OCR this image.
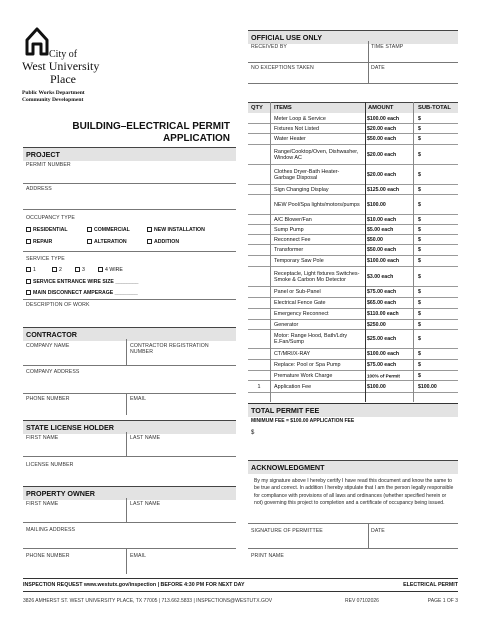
City of
West University
Place
Public Works Department
Community Development
BUILDING–ELECTRICAL PERMIT
APPLICATION
OFFICIAL USE ONLY
RECEIVED BY	TIME STAMP
NO EXCEPTIONS TAKEN	DATE
PROJECT
PERMIT NUMBER
ADDRESS
OCCUPANCY TYPE
RESIDENTIAL	COMMERCIAL	NEW INSTALLATION
REPAIR	ALTERATION	ADDITION
SERVICE TYPE
1	2	3	4 WIRE
SERVICE ENTRANCE WIRE SIZE ________
MAIN DISCONNECT AMPERAGE ________
DESCRIPTION OF WORK
CONTRACTOR
COMPANY NAME	CONTRACTOR REGISTRATION NUMBER
COMPANY ADDRESS
PHONE NUMBER	EMAIL
STATE LICENSE HOLDER
FIRST NAME	LAST NAME
LICENSE NUMBER
PROPERTY OWNER
FIRST NAME	LAST NAME
MAILING ADDRESS
PHONE NUMBER	EMAIL
QTY ITEMS	AMOUNT	SUB-TOTAL
Meter Loop & Service	$100.00 each	$
Fixtures Not Listed	$20.00 each	$
Water Heater	$50.00 each	$
Range/Cooktop/Oven, Dishwasher, Window AC	$20.00 each	$
Clothes Dryer-Bath Heater-Garbage Disposal	$20.00 each	$
Sign Changing Display	$125.00 each	$
NEW Pool/Spa lights/motors/pumps $100.00	$
A/C Blower/Fan	$10.00 each	$
Sump Pump	$5.00 each	$
Reconnect Fee	$50.00	$
Transformer	$50.00 each	$
Temporary Saw Pole	$100.00 each	$
Receptacle, Light fixtures Switches-Smoke & Carbon Mo Detector	$3.00 each	$
Panel or Sub-Panel	$75.00 each	$
Electrical Fence Gate	$65.00 each	$
Emergency Reconnect	$110.00 each	$
Generator	$250.00	$
Motor: Range Hood, Bath/Ldry E.Fan/Sump	$25.00 each	$
CT/MRI/X-RAY	$100.00 each	$
Replace: Pool or Spa Pump	$75.00 each	$
Premature Work Charge	100% of Permit	$
1	Application Fee	$100.00	$100.00
TOTAL PERMIT FEE
MINIMUM FEE = $100.00 APPLICATION FEE
$
ACKNOWLEDGMENT
By my signature above I hereby certify I have read this document and know the same to be true and correct. In addition I hereby stipulate that I am the person legally responsible for compliance with provisions of all laws and ordinances (whether specified herein or not) governing this project to completion and a certificate of occupancy being issued.
SIGNATURE OF PERMITTEE	DATE
PRINT NAME
INSPECTION REQUEST www.westutx.gov/inspection | BEFORE 4:30 PM FOR NEXT DAY	ELECTRICAL PERMIT
3826 AMHERST ST. WEST UNIVERSITY PLACE, TX 77005 | 713.662.5833 | INSPECTIONS@WESTUTX.GOV	REV 07102026	PAGE 1 OF 3
